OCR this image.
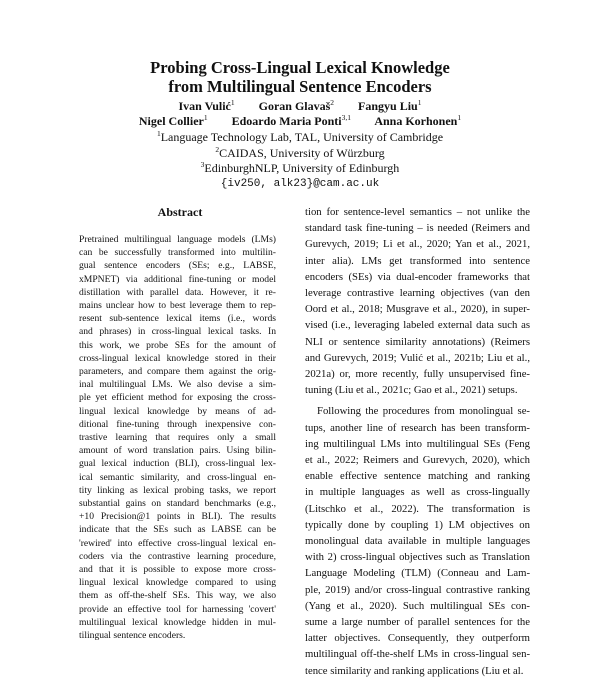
Probing Cross-Lingual Lexical Knowledge
from Multilingual Sentence Encoders
Ivan Vulić$^1$ Goran Glavaš$^2$ Fangyu Liu$^1$
Nigel Collier$^1$ Edoardo Maria Ponti$^{3,1}$ Anna Korhonen$^1$
$^1$Language Technology Lab, TAL, University of Cambridge
$^2$CAIDAS, University of Würzburg
$^3$EdinburghNLP, University of Edinburgh
{iv250, alk23}@cam.ac.uk
Abstract
Pretrained multilingual language models (LMs)
can be successfully transformed into multilin-
gual sentence encoders (SEs; e.g., LABSE,
xMPNET) via additional fine-tuning or model
distillation with parallel data. However, it re-
mains unclear how to best leverage them to rep-
resent sub-sentence lexical items (i.e., words
and phrases) in cross-lingual lexical tasks. In
this work, we probe SEs for the amount of
cross-lingual lexical knowledge stored in their
parameters, and compare them against the orig-
inal multilingual LMs. We also devise a sim-
ple yet efficient method for exposing the cross-
lingual lexical knowledge by means of ad-
ditional fine-tuning through inexpensive con-
trastive learning that requires only a small
amount of word translation pairs. Using bilin-
gual lexical induction (BLI), cross-lingual lex-
ical semantic similarity, and cross-lingual en-
tity linking as lexical probing tasks, we report
substantial gains on standard benchmarks (e.g.,
+10 Precision@1 points in BLI). The results
indicate that the SEs such as LABSE can be
'rewired' into effective cross-lingual lexical en-
coders via the contrastive learning procedure,
and that it is possible to expose more cross-
lingual lexical knowledge compared to using
them as off-the-shelf SEs. This way, we also
provide an effective tool for harnessing 'covert'
multilingual lexical knowledge hidden in mul-
tilingual sentence encoders.
tion for sentence-level semantics – not unlike the
standard task fine-tuning – is needed (Reimers and
Gurevych, 2019; Li et al., 2020; Yan et al., 2021,
inter alia). LMs get transformed into sentence
encoders (SEs) via dual-encoder frameworks that
leverage contrastive learning objectives (van den
Oord et al., 2018; Musgrave et al., 2020), in super-
vised (i.e., leveraging labeled external data such as
NLI or sentence similarity annotations) (Reimers
and Gurevych, 2019; Vulić et al., 2021b; Liu et al.,
2021a) or, more recently, fully unsupervised fine-
tuning (Liu et al., 2021c; Gao et al., 2021) setups.
Following the procedures from monolingual se-
tups, another line of research has been transform-
ing multilingual LMs into multilingual SEs (Feng
et al., 2022; Reimers and Gurevych, 2020), which
enable effective sentence matching and ranking
in multiple languages as well as cross-lingually
(Litschko et al., 2022). The transformation is
typically done by coupling 1) LM objectives on
monolingual data available in multiple languages
with 2) cross-lingual objectives such as Translation
Language Modeling (TLM) (Conneau and Lam-
ple, 2019) and/or cross-lingual contrastive ranking
(Yang et al., 2020). Such multilingual SEs con-
sume a large number of parallel sentences for the
latter objectives. Consequently, they outperform
multilingual off-the-shelf LMs in cross-lingual sen-
tence similarity and ranking applications (Liu et al.
